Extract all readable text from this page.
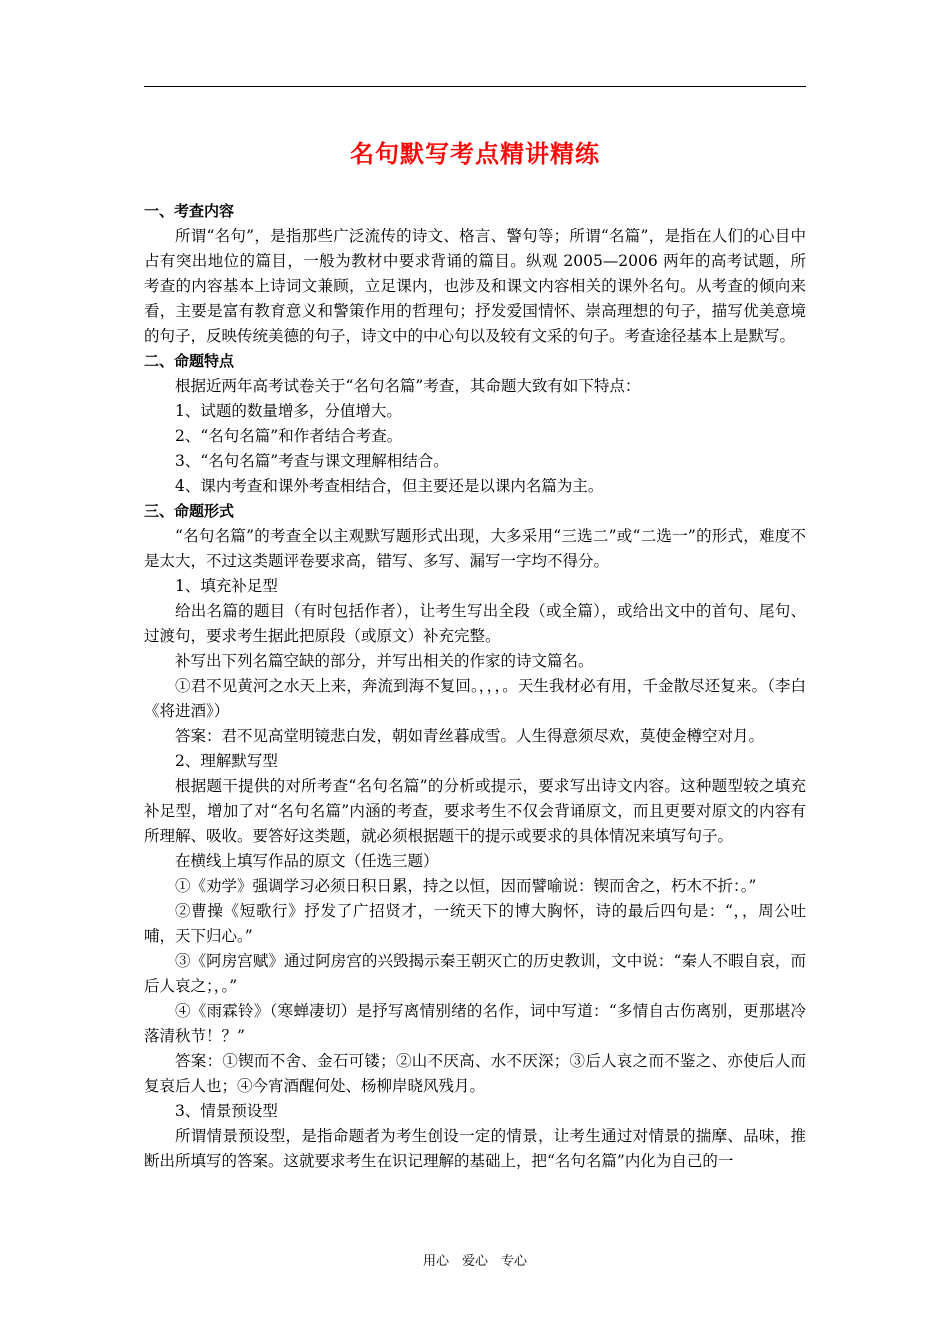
名句默写考点精讲精练

一、考查内容

所谓“名句”，是指那些广泛流传的诗文、格言、警句等；所谓“名篇”，是指在人们的心目中占有突出地位的篇目，一般为教材中要求背诵的篇目。纵观 2005—2006 两年的高考试题，所考查的内容基本上诗词文兼顾，立足课内，也涉及和课文内容相关的课外名句。从考查的倾向来看，主要是富有教育意义和警策作用的哲理句；抒发爱国情怀、崇高理想的句子，描写优美意境的句子，反映传统美德的句子，诗文中的中心句以及较有文采的句子。考查途径基本上是默写。

二、命题特点

根据近两年高考试卷关于“名句名篇”考查，其命题大致有如下特点：

1、试题的数量增多，分值增大。

2、“名句名篇”和作者结合考查。

3、“名句名篇”考查与课文理解相结合。

4、课内考查和课外考查相结合，但主要还是以课内名篇为主。

三、命题形式

“名句名篇”的考查全以主观默写题形式出现，大多采用“三选二”或“二选一”的形式，难度不是太大，不过这类题评卷要求高，错写、多写、漏写一字均不得分。

1、填充补足型

给出名篇的题目（有时包括作者），让考生写出全段（或全篇），或给出文中的首句、尾句、过渡句，要求考生据此把原段（或原文）补充完整。

补写出下列名篇空缺的部分，并写出相关的作家的诗文篇名。

①君不见黄河之水天上来，奔流到海不复回。，，，。天生我材必有用，千金散尽还复来。（李白《将进酒》）

答案：君不见高堂明镜悲白发，朝如青丝暮成雪。人生得意须尽欢，莫使金樽空对月。

2、理解默写型

根据题干提供的对所考查“名句名篇”的分析或提示，要求写出诗文内容。这种题型较之填充补足型，增加了对“名句名篇”内涵的考查，要求考生不仅会背诵原文，而且更要对原文的内容有所理解、吸收。要答好这类题，就必须根据题干的提示或要求的具体情况来填写句子。

在横线上填写作品的原文（任选三题）

①《劝学》强调学习必须日积日累，持之以恒，因而譬喻说：锲而舍之，朽木不折：。”

②曹操《短歌行》抒发了广招贤才，一统天下的博大胸怀，诗的最后四句是：“，，周公吐哺，天下归心。”

③《阿房宫赋》通过阿房宫的兴毁揭示秦王朝灭亡的历史教训，文中说：“秦人不暇自哀，而后人哀之；，。”

④《雨霖铃》（寒蝉凄切）是抒写离情别绪的名作，词中写道：“多情自古伤离别，更那堪冷落清秋节！？”

答案：①锲而不舍、金石可镂；②山不厌高、水不厌深；③后人哀之而不鉴之、亦使后人而复哀后人也；④今宵酒醒何处、杨柳岸晓风残月。

3、情景预设型

所谓情景预设型，是指命题者为考生创设一定的情景，让考生通过对情景的揣摩、品味，推断出所填写的答案。这就要求考生在识记理解的基础上，把“名句名篇”内化为自己的一

用心　爱心　专心
